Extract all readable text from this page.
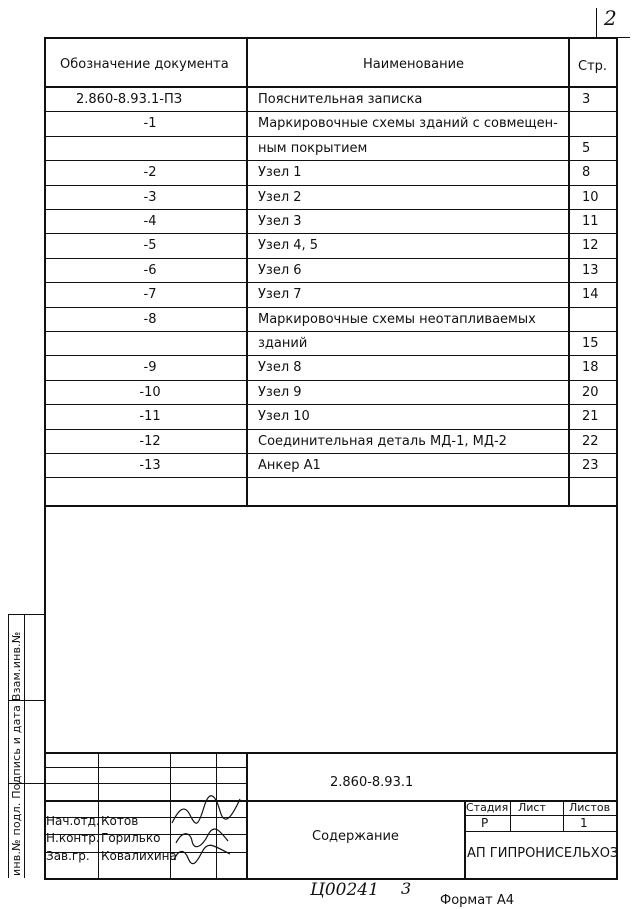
2
Обозначение документа	Наименование	Стр.
2.860-8.93.1-ПЗ	Пояснительная записка	3
-1	Маркировочные схемы зданий с совмещен-
ным покрытием	5
-2	Узел 1	8
-3	Узел 2	10
-4	Узел 3	11
-5	Узел 4, 5	12
-6	Узел 6	13
-7	Узел 7	14
-8	Маркировочные схемы неотапливаемых
зданий	15
-9	Узел 8	18
-10	Узел 9	20
-11	Узел 10	21
-12	Соединительная деталь МД-1, МД-2	22
-13	Анкер А1	23
инв.№ подл. Подпись и дата Взам.инв.№	2.860-8.93.1
Содержание
Нач.отд. Котов
Н.контр. Горилько
Зав.гр. Ковалихина
Стадия Лист Листов
Р	1
АП ГИПРОНИСЕЛЬХОЗ
Ц00241 3
Формат А4
